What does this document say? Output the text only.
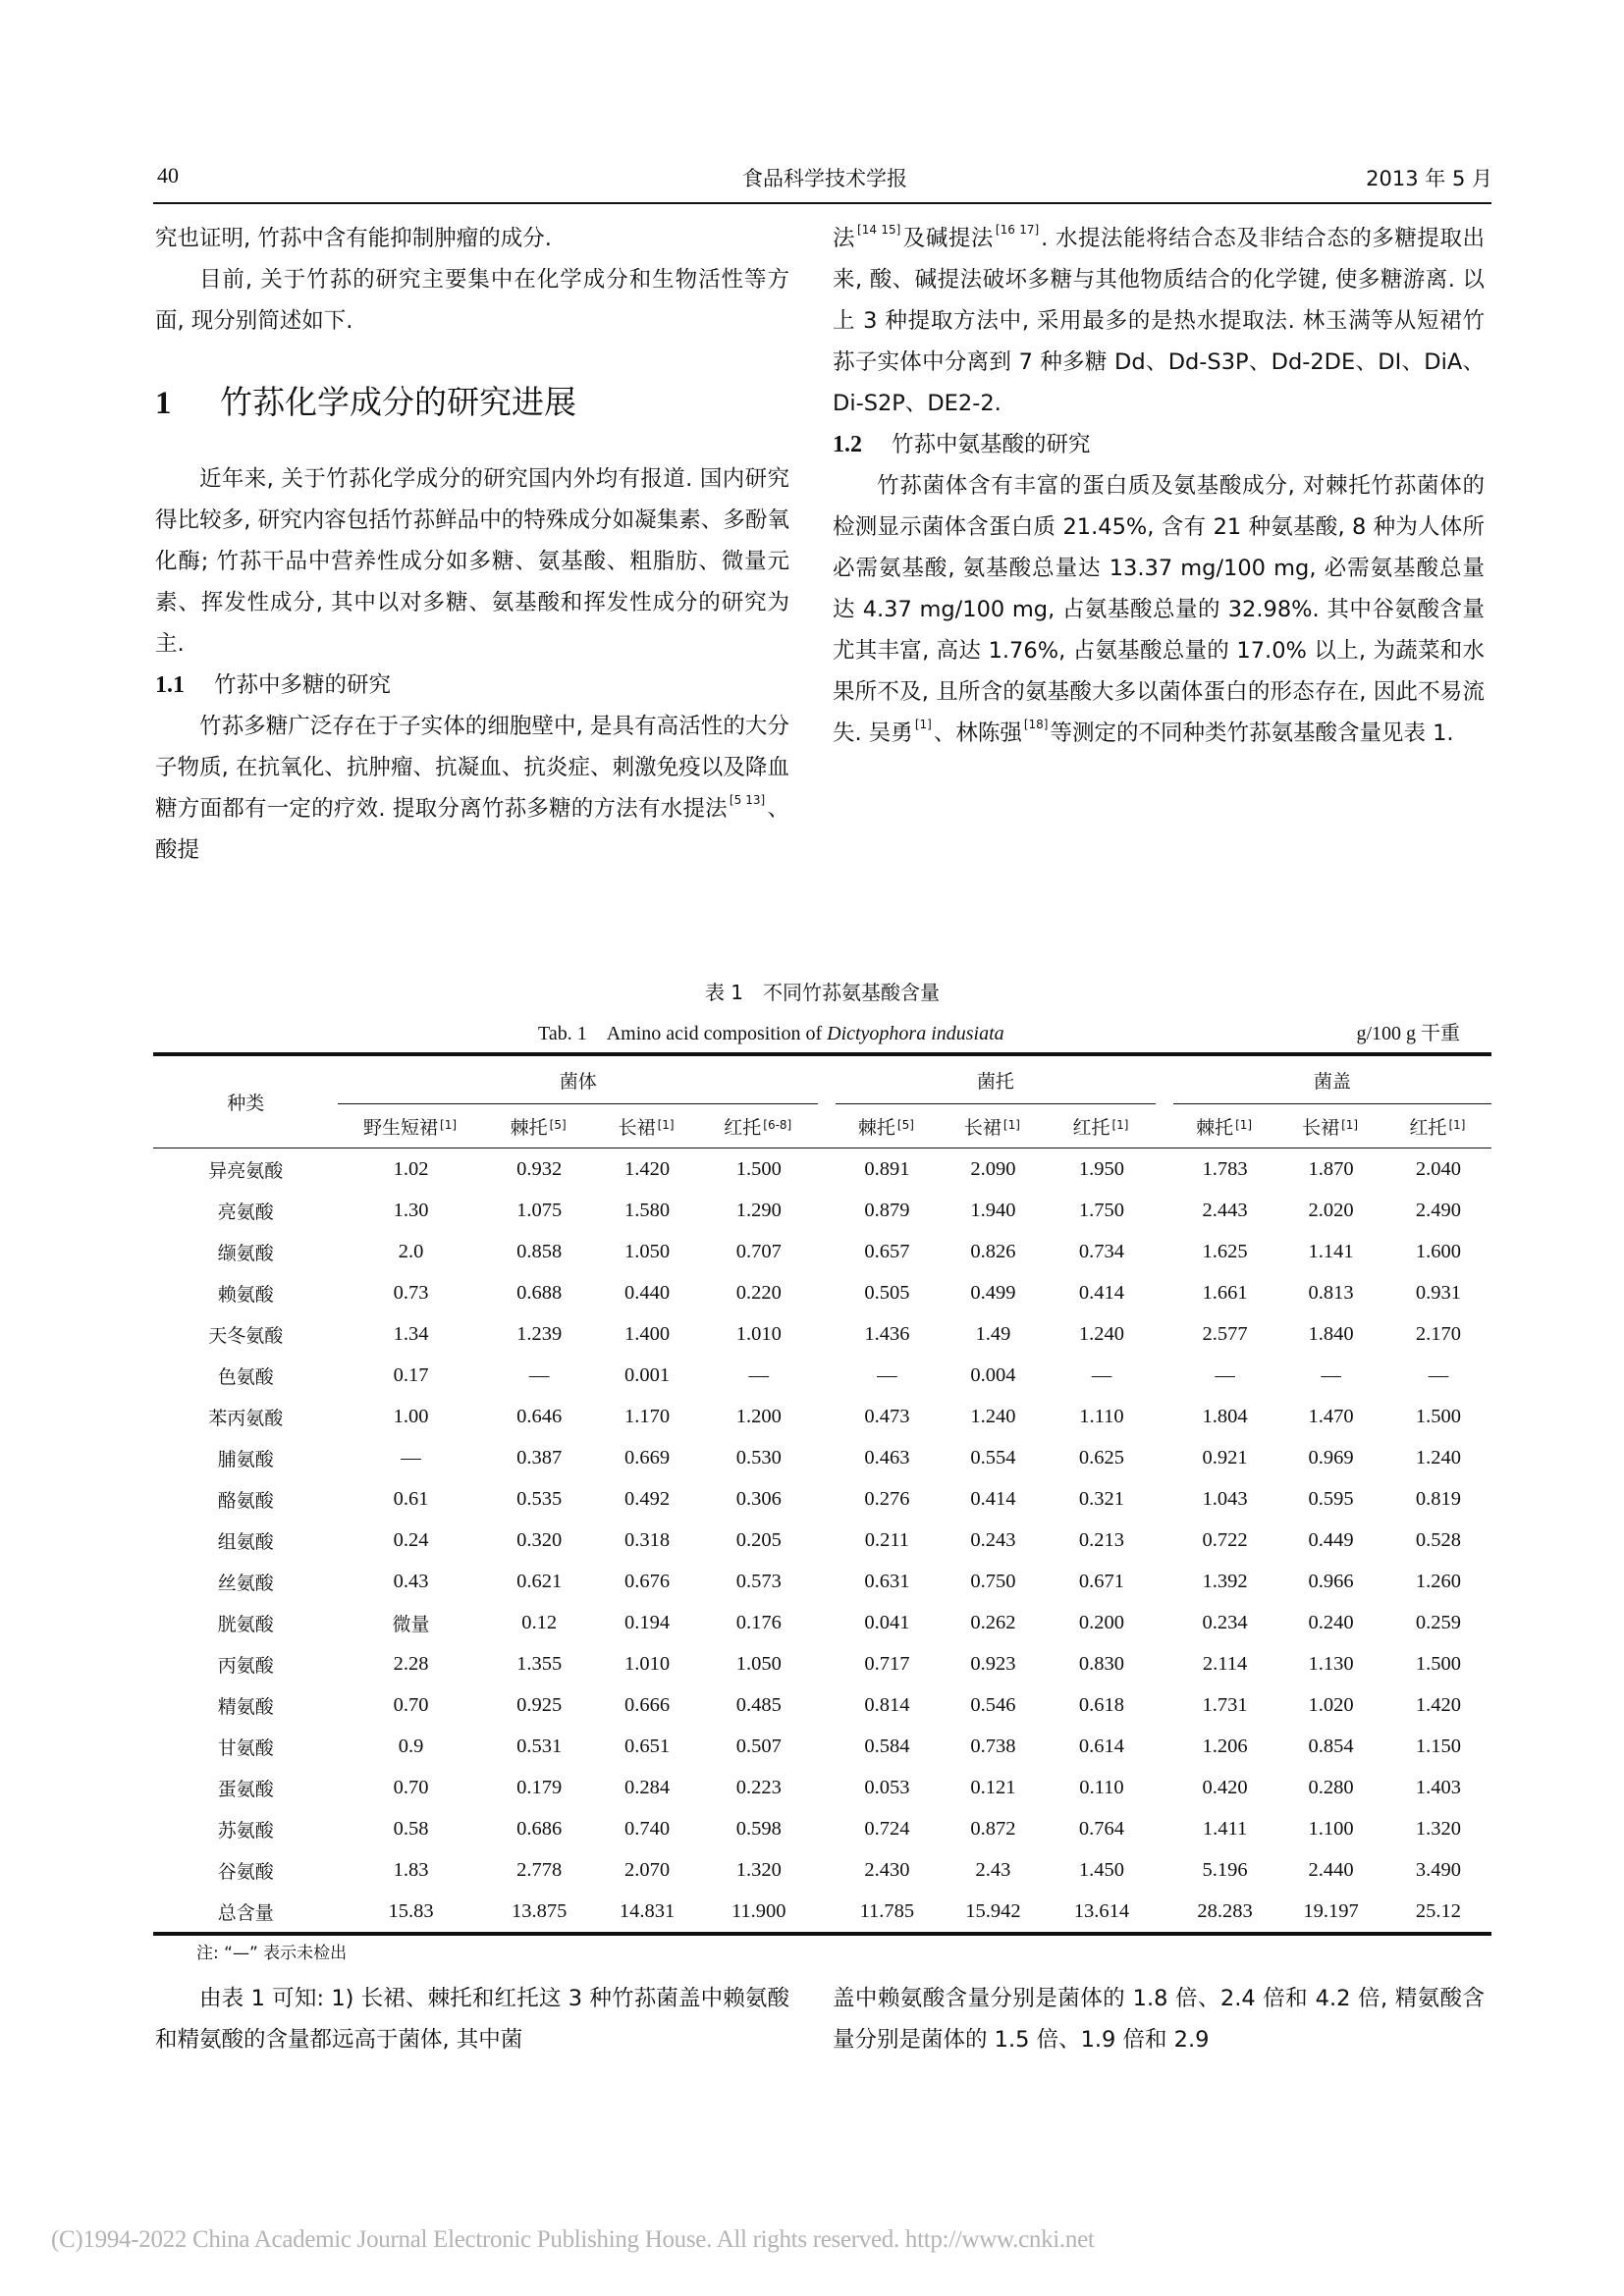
40	食品科学技术学报	2013 年 5 月

究也证明, 竹荪中含有能抑制肿瘤的成分.

目前, 关于竹荪的研究主要集中在化学成分和生物活性等方面, 现分别简述如下.

1 竹荪化学成分的研究进展

近年来, 关于竹荪化学成分的研究国内外均有报道. 国内研究得比较多, 研究内容包括竹荪鲜品中的特殊成分如凝集素、多酚氧化酶; 竹荪干品中营养性成分如多糖、氨基酸、粗脂肪、微量元素、挥发性成分, 其中以对多糖、氨基酸和挥发性成分的研究为主.

1.1 竹荪中多糖的研究

竹荪多糖广泛存在于子实体的细胞壁中, 是具有高活性的大分子物质, 在抗氧化、抗肿瘤、抗凝血、抗炎症、刺激免疫以及降血糖方面都有一定的疗效. 提取分离竹荪多糖的方法有水提法 [5 13]、酸提

法 [14 15]及碱提法 [16 17]. 水提法能将结合态及非结合态的多糖提取出来, 酸、碱提法破坏多糖与其他物质结合的化学键, 使多糖游离. 以上 3 种提取方法中, 采用最多的是热水提取法. 林玉满等从短裙竹荪子实体中分离到 7 种多糖 Dd、Dd-S3P、Dd-2DE、DI、DiA、Di-S2P、DE2-2.

1.2 竹荪中氨基酸的研究

竹荪菌体含有丰富的蛋白质及氨基酸成分, 对棘托竹荪菌体的检测显示菌体含蛋白质 21.45%, 含有 21 种氨基酸, 8 种为人体所必需氨基酸, 氨基酸总量达 13.37 mg/100 mg, 必需氨基酸总量达 4.37 mg/100 mg, 占氨基酸总量的 32.98%. 其中谷氨酸含量尤其丰富, 高达 1.76%, 占氨基酸总量的 17.0% 以上, 为蔬菜和水果所不及, 且所含的氨基酸大多以菌体蛋白的形态存在, 因此不易流失. 吴勇 [1]、林陈强 [18]等测定的不同种类竹荪氨基酸含量见表 1.

表 1　不同竹荪氨基酸含量
Tab. 1　Amino acid composition of Dictyophora indusiata	g/100 g 干重
种类	菌体					菌托				菌盖		
	野生短裙 [1]	棘托 [5]	长裙 [1]	红托 [6-8]		棘托 [5]	长裙 [1]	红托 [1]		棘托 [1]	长裙 [1]	红托 [1]
异亮氨酸	1.02	0.932	1.420	1.500		0.891	2.090	1.950		1.783	1.870	2.040
亮氨酸	1.30	1.075	1.580	1.290		0.879	1.940	1.750		2.443	2.020	2.490
缬氨酸	2.0	0.858	1.050	0.707		0.657	0.826	0.734		1.625	1.141	1.600
赖氨酸	0.73	0.688	0.440	0.220		0.505	0.499	0.414		1.661	0.813	0.931
天冬氨酸	1.34	1.239	1.400	1.010		1.436	1.49	1.240		2.577	1.840	2.170
色氨酸	0.17	—	0.001	—		—	0.004	—		—	—	—
苯丙氨酸	1.00	0.646	1.170	1.200		0.473	1.240	1.110		1.804	1.470	1.500
脯氨酸	—	0.387	0.669	0.530		0.463	0.554	0.625		0.921	0.969	1.240
酪氨酸	0.61	0.535	0.492	0.306		0.276	0.414	0.321		1.043	0.595	0.819
组氨酸	0.24	0.320	0.318	0.205		0.211	0.243	0.213		0.722	0.449	0.528
丝氨酸	0.43	0.621	0.676	0.573		0.631	0.750	0.671		1.392	0.966	1.260
胱氨酸	微量	0.12	0.194	0.176		0.041	0.262	0.200		0.234	0.240	0.259
丙氨酸	2.28	1.355	1.010	1.050		0.717	0.923	0.830		2.114	1.130	1.500
精氨酸	0.70	0.925	0.666	0.485		0.814	0.546	0.618		1.731	1.020	1.420
甘氨酸	0.9	0.531	0.651	0.507		0.584	0.738	0.614		1.206	0.854	1.150
蛋氨酸	0.70	0.179	0.284	0.223		0.053	0.121	0.110		0.420	0.280	1.403
苏氨酸	0.58	0.686	0.740	0.598		0.724	0.872	0.764		1.411	1.100	1.320
谷氨酸	1.83	2.778	2.070	1.320		2.430	2.43	1.450		5.196	2.440	3.490
总含量	15.83	13.875	14.831	11.900		11.785	15.942	13.614		28.283	19.197	25.12
注: “—” 表示未检出

由表 1 可知: 1) 长裙、棘托和红托这 3 种竹荪菌盖中赖氨酸和精氨酸的含量都远高于菌体, 其中菌

盖中赖氨酸含量分别是菌体的 1.8 倍、2.4 倍和 4.2 倍, 精氨酸含量分别是菌体的 1.5 倍、1.9 倍和 2.9

(C)1994-2022 China Academic Journal Electronic Publishing House. All rights reserved. http://www.cnki.net
